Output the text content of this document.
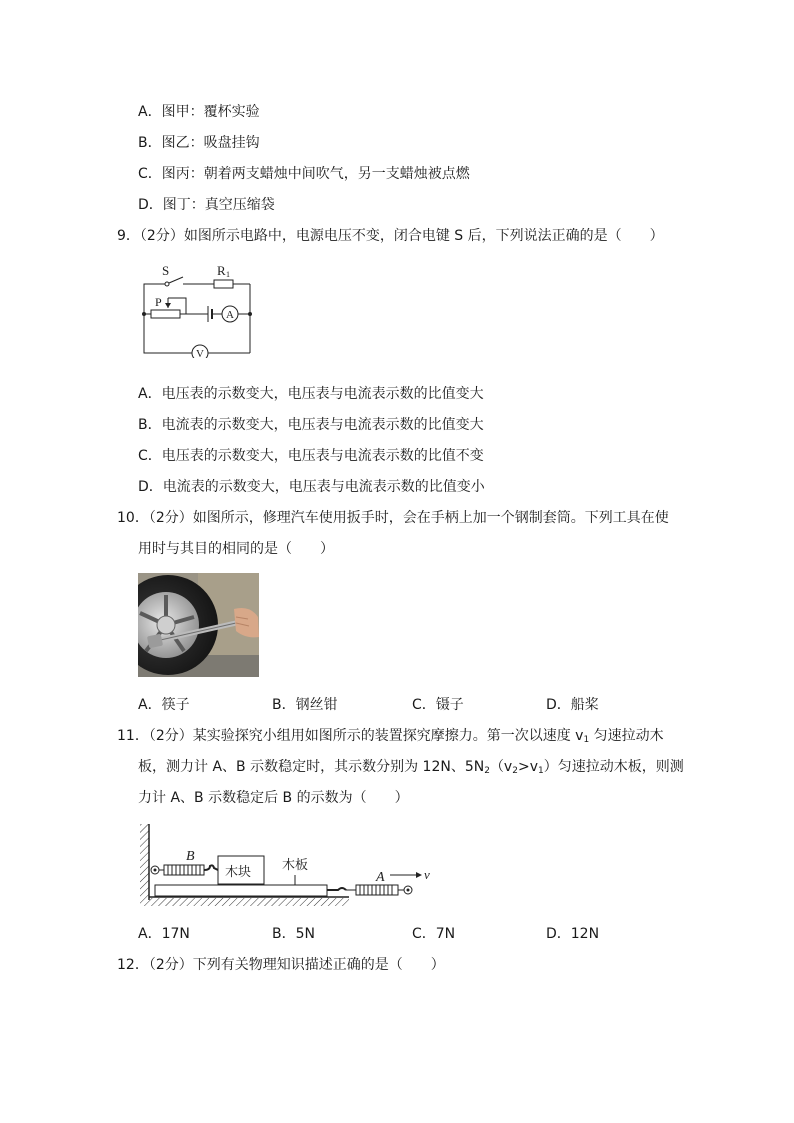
A．图甲：覆杯实验
B．图乙：吸盘挂钩
C．图丙：朝着两支蜡烛中间吹气，另一支蜡烛被点燃
D．图丁：真空压缩袋
9．（2分）如图所示电路中，电源电压不变，闭合电键 S 后，下列说法正确的是（　　）
S	R 1
P
A
V
A．电压表的示数变大，电压表与电流表示数的比值变大
B．电流表的示数变大，电压表与电流表示数的比值变大
C．电压表的示数变大，电压表与电流表示数的比值不变
D．电流表的示数变大，电压表与电流表示数的比值变小
10．（2分）如图所示，修理汽车使用扳手时，会在手柄上加一个钢制套筒。下列工具在使
用时与其目的相同的是（　　）
A．筷子	B．钢丝钳	C．镊子	D．船桨
11．（2分）某实验探究小组用如图所示的装置探究摩擦力。第一次以速度 $v_1$ 匀速拉动木
板，测力计 A、B 示数稳定时，其示数分别为 12N、$5N_2(v_2>v_1)$匀速拉动木板，则测
力计 A、B 示数稳定后 B 的示数为（　　）
B
木块 木板
A	v
A．17N	B．5N	C．7N	D．12N
12．（2分）下列有关物理知识描述正确的是（　　）
